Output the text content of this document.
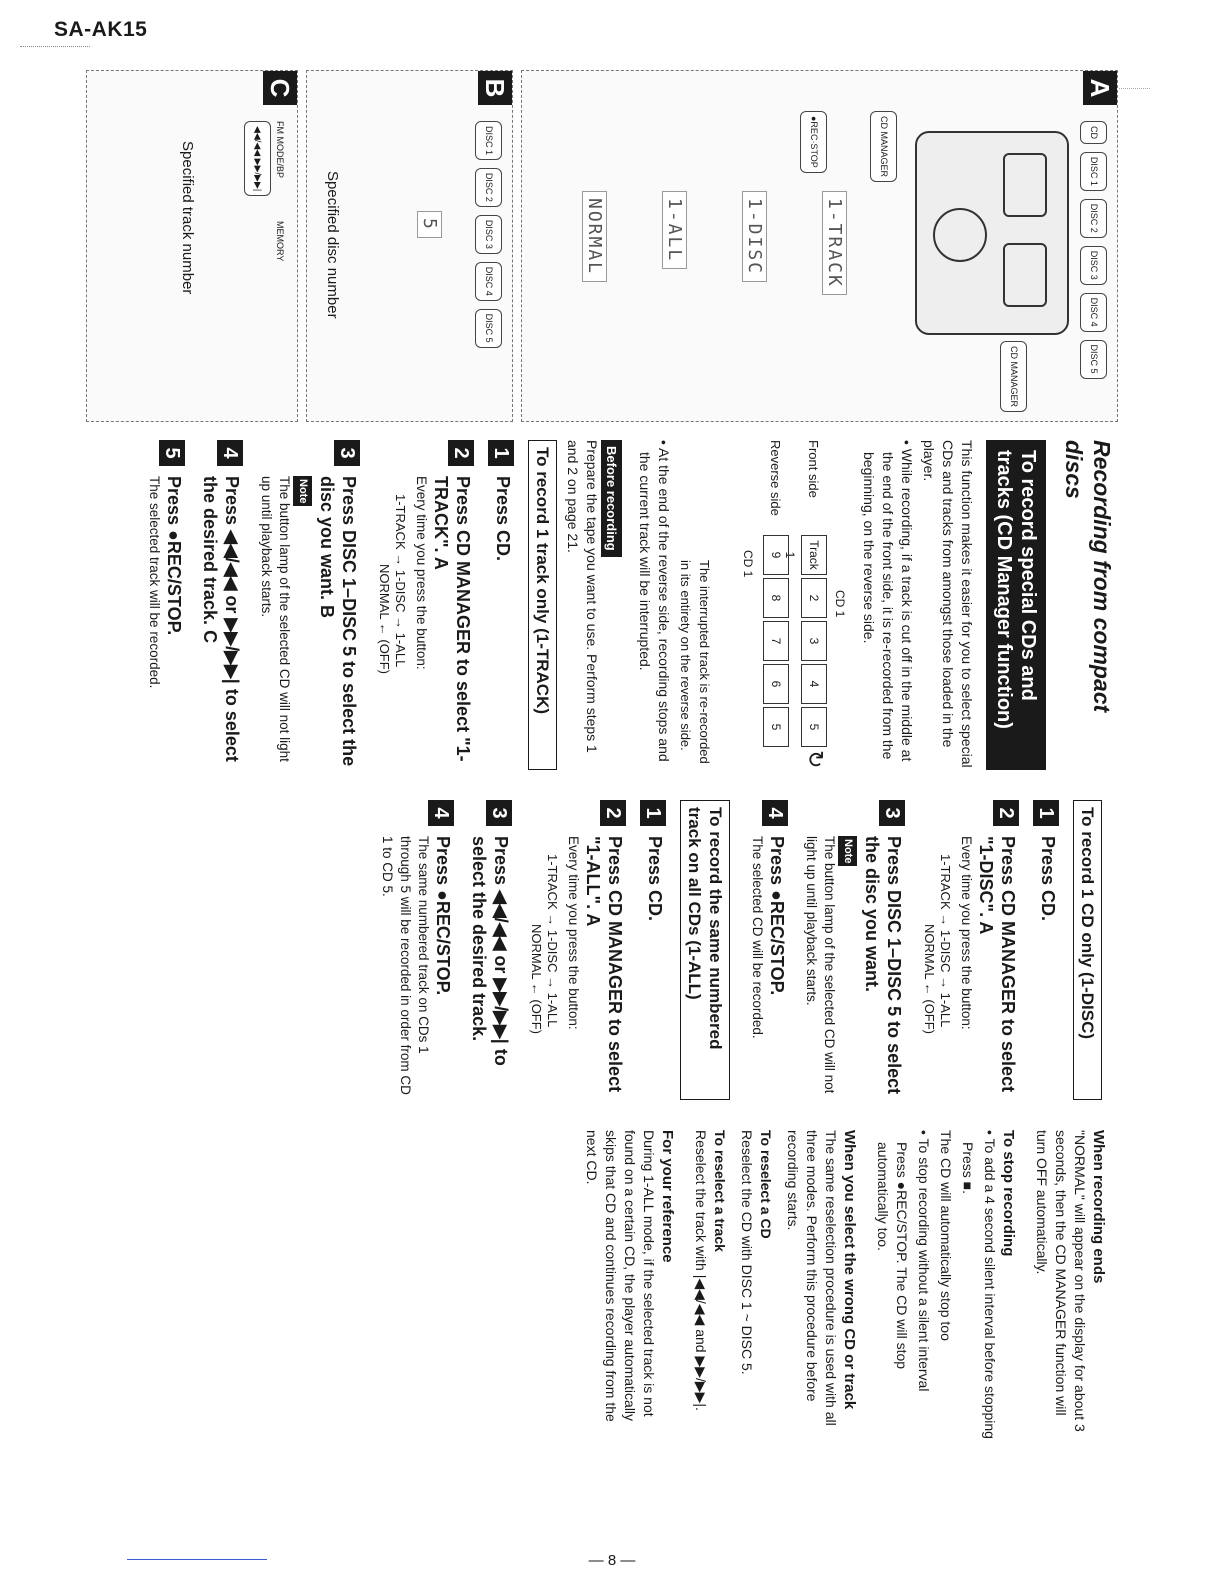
SA-AK15
A
CD DISC 1 DISC 2 DISC 3 DISC 4 DISC 5
CD MANAGER
●REC·STOP	CD MANAGER
1-TRACK
1-DISC
1-ALL
NORMAL
B
DISC 1 DISC 2 DISC 3 DISC 4 DISC 5
5
Specified disc number
C
FM MODE/BP
MEMORY
◀◀/◀◀ ▶▶/▶▶|
Specified track number
Recording from compact discs
To record special CDs and tracks (CD Manager function)

This function makes it easier for you to select special CDs and tracks from amongst those loaded in the player.

• While recording, if a track is cut off in the middle at the end of the front side, it is re-recorded from the beginning, on the reverse side.

CD 1
Front side
Track 1
2
3
4
5
Reverse side
9
8
7
6
5
↻
CD 1

The interrupted track is re-recorded in its entirety on the reverse side.

• At the end of the reverse side, recording stops and the current track will be interrupted.

Before recording

Prepare the tape you want to use. Perform steps 1 and 2 on page 21.

To record 1 track only (1-TRACK)
1
Press CD.
2
Press CD MANAGER to select "1-TRACK". A
Every time you press the button:
1-TRACK → 1-DISC → 1-ALL
NORMAL ← (OFF)
3
Press DISC 1–DISC 5 to select the disc you want. B
Note
The button lamp of the selected CD will not light up until playback starts.
4
Press ◀◀/◀◀ or ▶▶/▶▶| to select the desired track. C
5
Press ●REC/STOP.
The selected track will be recorded.
To record 1 CD only (1-DISC)
1
Press CD.
2
Press CD MANAGER to select "1-DISC". A
Every time you press the button:
1-TRACK → 1-DISC → 1-ALL
NORMAL ← (OFF)
3
Press DISC 1–DISC 5 to select the disc you want.
Note
The button lamp of the selected CD will not light up until playback starts.
4
Press ●REC/STOP.
The selected CD will be recorded.
To record the same numbered track on all CDs (1-ALL)
1
Press CD.
2
Press CD MANAGER to select "1-ALL". A
Every time you press the button:
1-TRACK → 1-DISC → 1-ALL
NORMAL ← (OFF)
3
Press ◀◀/◀◀ or ▶▶/▶▶| to select the desired track.
4
Press ●REC/STOP.
The same numbered track on CDs 1 through 5 will be recorded in order from CD 1 to CD 5.
When recording ends

"NORMAL" will appear on the display for about 3 seconds, then the CD MANAGER function will turn OFF automatically.

To stop recording

• To add a 4 second silent interval before stopping

Press ■.

The CD will automatically stop too

• To stop recording without a silent interval

Press ●REC/STOP. The CD will stop automatically too.

When you select the wrong CD or track

The same reselection procedure is used with all three modes. Perform this procedure before recording starts.

To reselect a CD

Reselect the CD with DISC 1 ~ DISC 5.

To reselect a track

Reselect the track with |◀◀/◀◀ and ▶▶/▶▶|.

For your reference

During 1-ALL mode, if the selected track is not found on a certain CD, the player automatically skips that CD and continues recording from the next CD.

— 8 —
